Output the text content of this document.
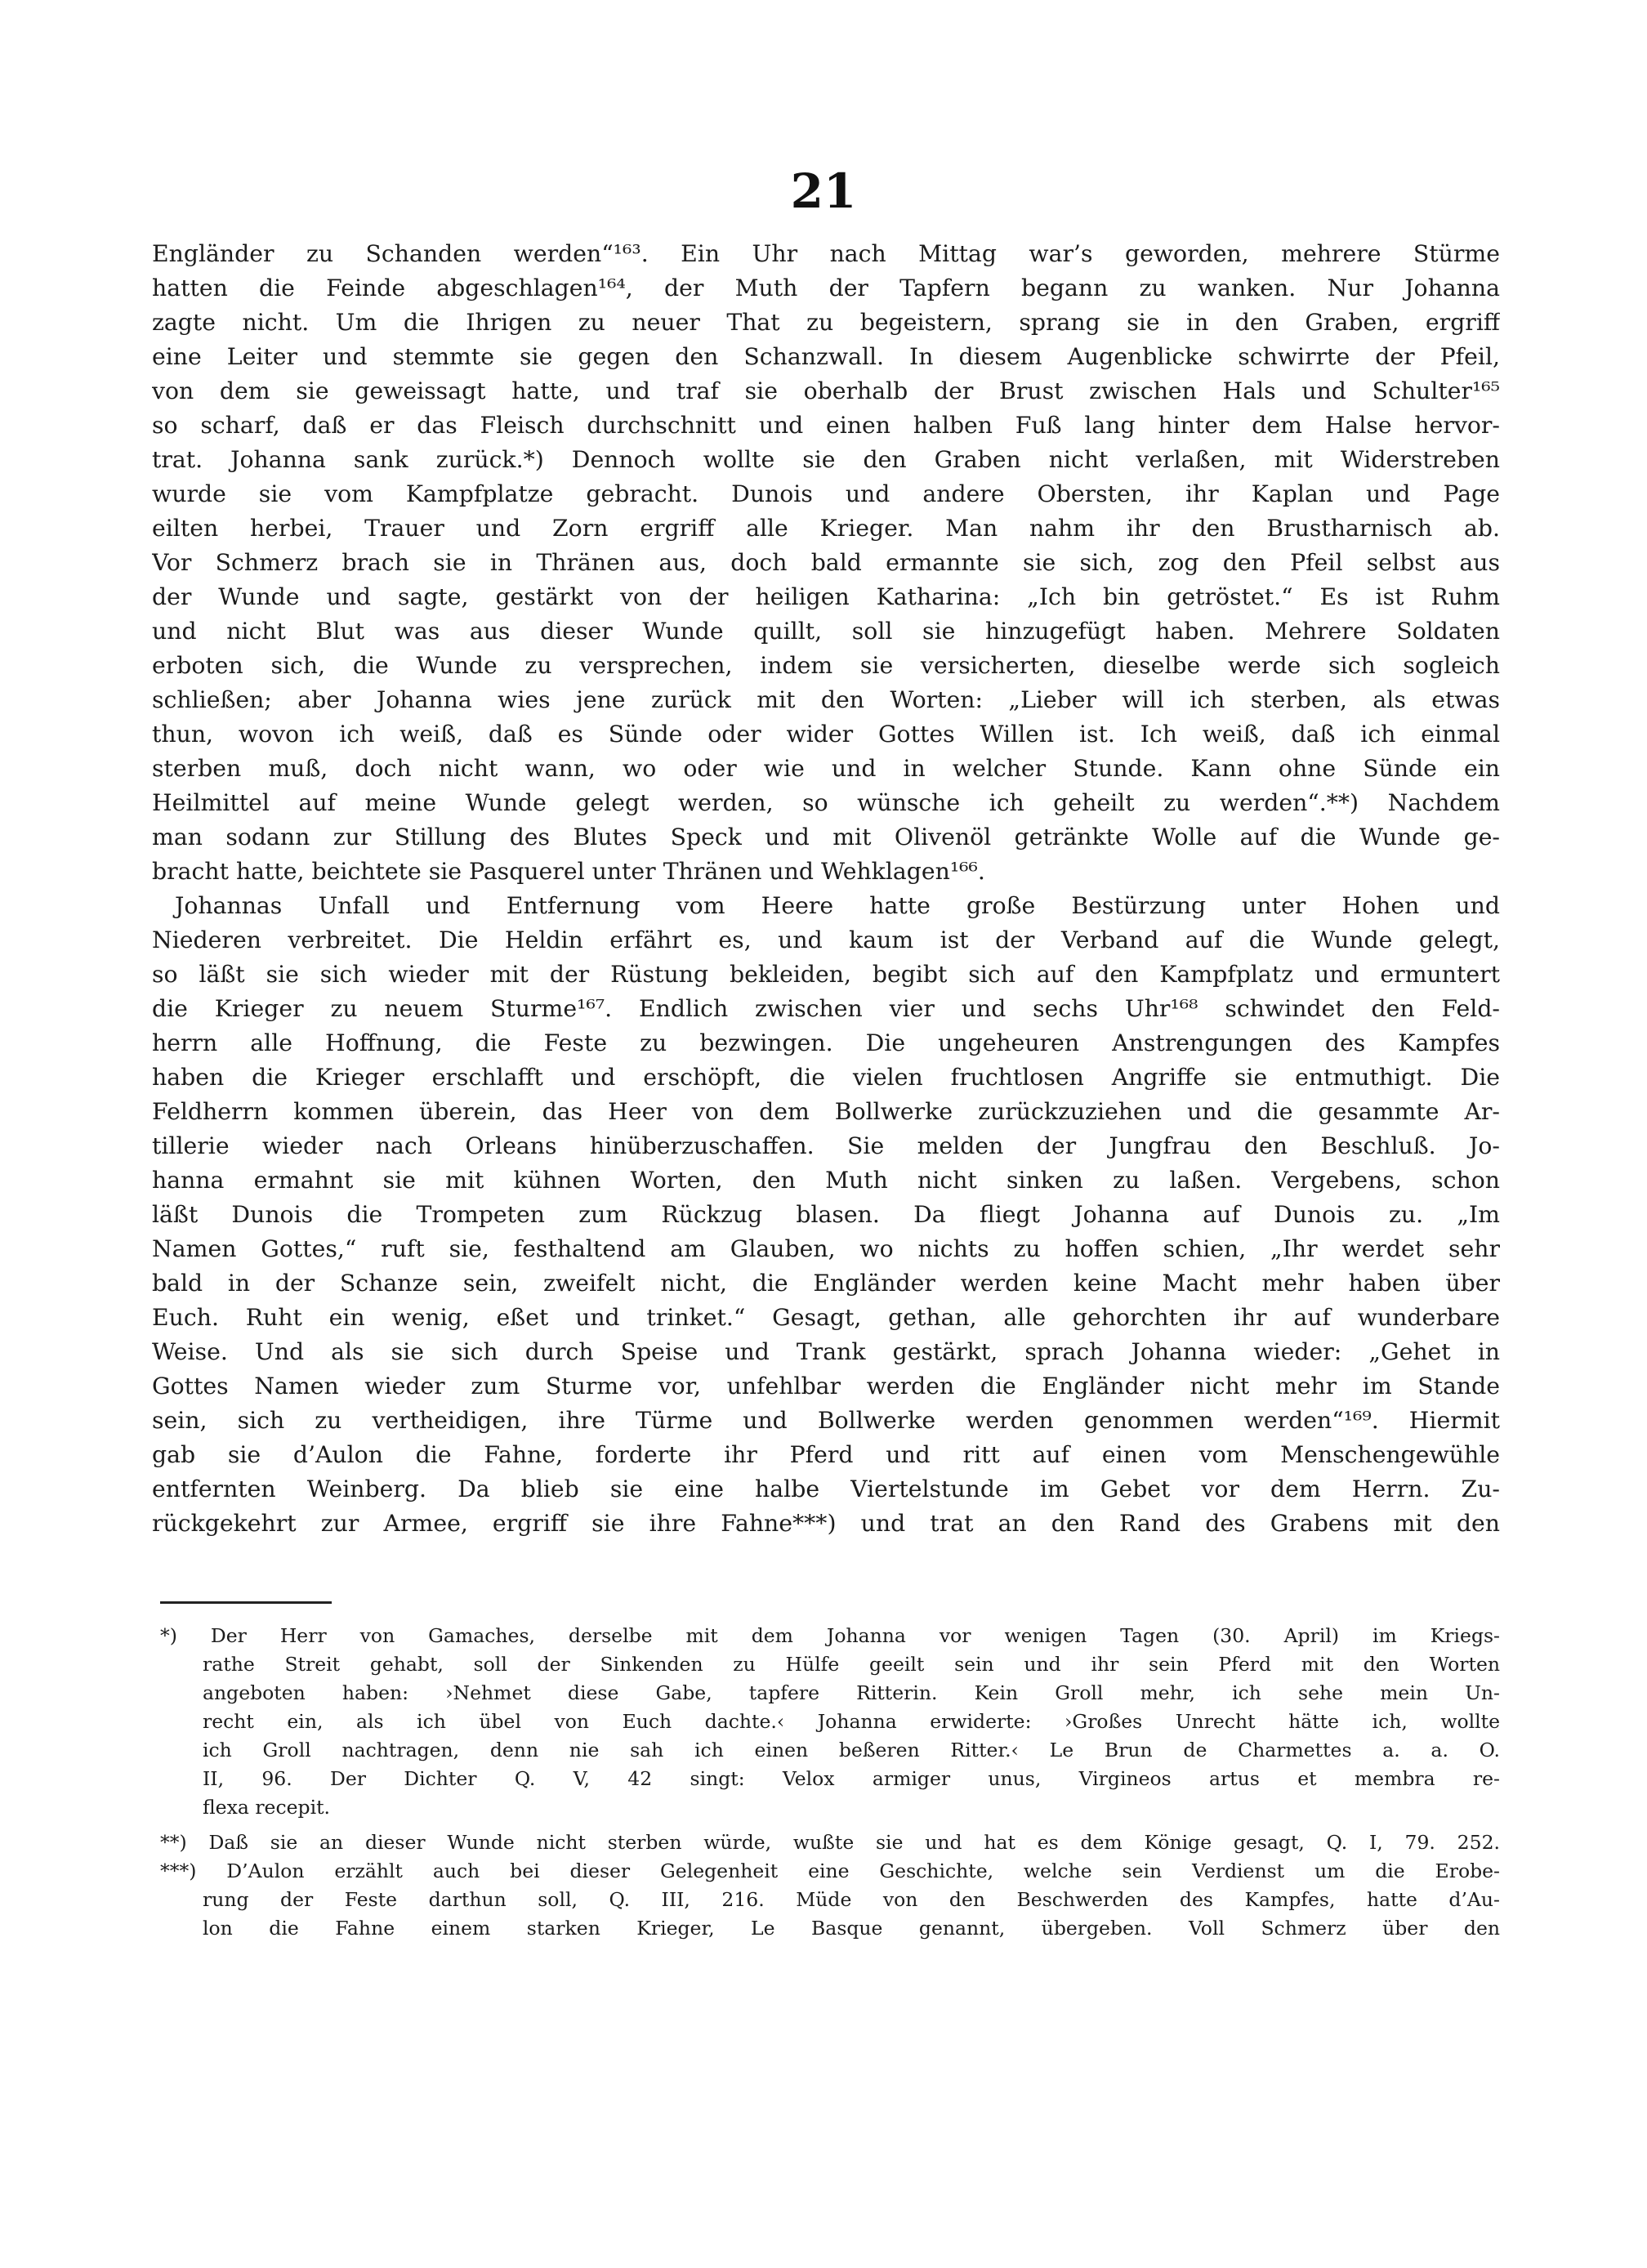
21
Engländer zu Schanden werden“¹⁶³. Ein Uhr nach Mittag war’s geworden, mehrere Stürme
hatten die Feinde abgeschlagen¹⁶⁴, der Muth der Tapfern begann zu wanken. Nur Johanna
zagte nicht. Um die Ihrigen zu neuer That zu begeistern, sprang sie in den Graben, ergriff
eine Leiter und stemmte sie gegen den Schanzwall. In diesem Augenblicke schwirrte der Pfeil,
von dem sie geweissagt hatte, und traf sie oberhalb der Brust zwischen Hals und Schulter¹⁶⁵
so scharf, daß er das Fleisch durchschnitt und einen halben Fuß lang hinter dem Halse hervor-
trat. Johanna sank zurück.*) Dennoch wollte sie den Graben nicht verlaßen, mit Widerstreben
wurde sie vom Kampfplatze gebracht. Dunois und andere Obersten, ihr Kaplan und Page
eilten herbei, Trauer und Zorn ergriff alle Krieger. Man nahm ihr den Brustharnisch ab.
Vor Schmerz brach sie in Thränen aus, doch bald ermannte sie sich, zog den Pfeil selbst aus
der Wunde und sagte, gestärkt von der heiligen Katharina: „Ich bin getröstet.“ Es ist Ruhm
und nicht Blut was aus dieser Wunde quillt, soll sie hinzugefügt haben. Mehrere Soldaten
erboten sich, die Wunde zu versprechen, indem sie versicherten, dieselbe werde sich sogleich
schließen; aber Johanna wies jene zurück mit den Worten: „Lieber will ich sterben, als etwas
thun, wovon ich weiß, daß es Sünde oder wider Gottes Willen ist. Ich weiß, daß ich einmal
sterben muß, doch nicht wann, wo oder wie und in welcher Stunde. Kann ohne Sünde ein
Heilmittel auf meine Wunde gelegt werden, so wünsche ich geheilt zu werden“.**) Nachdem
man sodann zur Stillung des Blutes Speck und mit Olivenöl getränkte Wolle auf die Wunde ge-
bracht hatte, beichtete sie Pasquerel unter Thränen und Wehklagen¹⁶⁶.
Johannas Unfall und Entfernung vom Heere hatte große Bestürzung unter Hohen und
Niederen verbreitet. Die Heldin erfährt es, und kaum ist der Verband auf die Wunde gelegt,
so läßt sie sich wieder mit der Rüstung bekleiden, begibt sich auf den Kampfplatz und ermuntert
die Krieger zu neuem Sturme¹⁶⁷. Endlich zwischen vier und sechs Uhr¹⁶⁸ schwindet den Feld-
herrn alle Hoffnung, die Feste zu bezwingen. Die ungeheuren Anstrengungen des Kampfes
haben die Krieger erschlafft und erschöpft, die vielen fruchtlosen Angriffe sie entmuthigt. Die
Feldherrn kommen überein, das Heer von dem Bollwerke zurückzuziehen und die gesammte Ar-
tillerie wieder nach Orleans hinüberzuschaffen. Sie melden der Jungfrau den Beschluß. Jo-
hanna ermahnt sie mit kühnen Worten, den Muth nicht sinken zu laßen. Vergebens, schon
läßt Dunois die Trompeten zum Rückzug blasen. Da fliegt Johanna auf Dunois zu. „Im
Namen Gottes,“ ruft sie, festhaltend am Glauben, wo nichts zu hoffen schien, „Ihr werdet sehr
bald in der Schanze sein, zweifelt nicht, die Engländer werden keine Macht mehr haben über
Euch. Ruht ein wenig, eßet und trinket.“ Gesagt, gethan, alle gehorchten ihr auf wunderbare
Weise. Und als sie sich durch Speise und Trank gestärkt, sprach Johanna wieder: „Gehet in
Gottes Namen wieder zum Sturme vor, unfehlbar werden die Engländer nicht mehr im Stande
sein, sich zu vertheidigen, ihre Türme und Bollwerke werden genommen werden“¹⁶⁹. Hiermit
gab sie d’Aulon die Fahne, forderte ihr Pferd und ritt auf einen vom Menschengewühle
entfernten Weinberg. Da blieb sie eine halbe Viertelstunde im Gebet vor dem Herrn. Zu-
rückgekehrt zur Armee, ergriff sie ihre Fahne***) und trat an den Rand des Grabens mit den
*) Der Herr von Gamaches, derselbe mit dem Johanna vor wenigen Tagen (30. April) im Kriegs-
rathe Streit gehabt, soll der Sinkenden zu Hülfe geeilt sein und ihr sein Pferd mit den Worten
angeboten haben: ›Nehmet diese Gabe, tapfere Ritterin. Kein Groll mehr, ich sehe mein Un-
recht ein, als ich übel von Euch dachte.‹ Johanna erwiderte: ›Großes Unrecht hätte ich, wollte
ich Groll nachtragen, denn nie sah ich einen beßeren Ritter.‹ Le Brun de Charmettes a. a. O.
II, 96. Der Dichter Q. V, 42 singt: Velox armiger unus, Virgineos artus et membra re-
flexa recepit.
**) Daß sie an dieser Wunde nicht sterben würde, wußte sie und hat es dem Könige gesagt, Q. I, 79. 252.
***) D’Aulon erzählt auch bei dieser Gelegenheit eine Geschichte, welche sein Verdienst um die Erobe-
rung der Feste darthun soll, Q. III, 216. Müde von den Beschwerden des Kampfes, hatte d’Au-
lon die Fahne einem starken Krieger, Le Basque genannt, übergeben. Voll Schmerz über den
